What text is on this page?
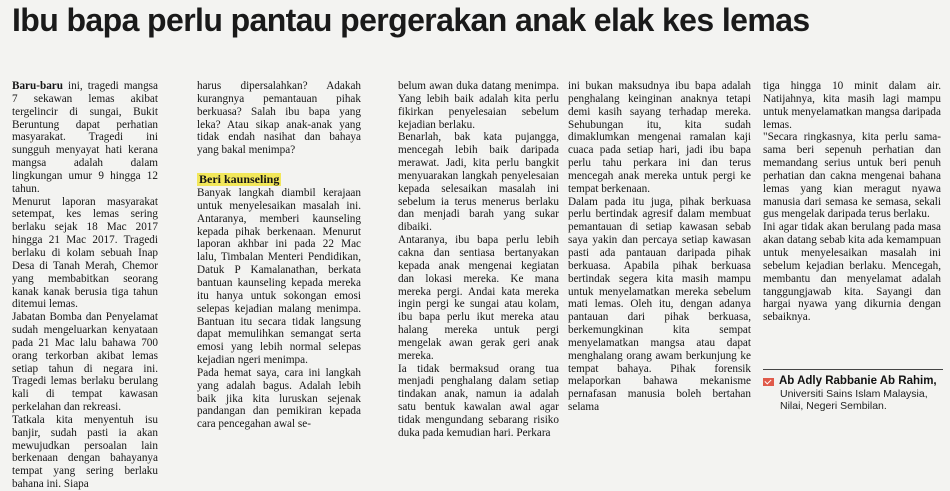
Ibu bapa perlu pantau pergerakan anak elak kes lemas

Baru-baru ini, tragedi mangsa 7 sekawan lemas akibat tergelincir di sungai, Bukit Beruntung dapat perhatian masyarakat. Tragedi ini sungguh menyayat hati kerana mangsa adalah dalam lingkungan umur 9 hingga 12 tahun.

Menurut laporan masyarakat setempat, kes lemas sering berlaku sejak 18 Mac 2017 hingga 21 Mac 2017. Tragedi berlaku di kolam sebuah Inap Desa di Tanah Merah, Chemor yang membabitkan seorang kanak kanak berusia tiga tahun ditemui lemas.

Jabatan Bomba dan Penyelamat sudah mengeluarkan kenyataan pada 21 Mac lalu bahawa 700 orang terkorban akibat lemas setiap tahun di negara ini. Tragedi lemas berlaku berulang kali di tempat kawasan perkelahan dan rekreasi.

Tatkala kita menyentuh isu banjir, sudah pasti ia akan mewujudkan persoalan lain berkenaan dengan bahayanya tempat yang sering berlaku bahana ini. Siapa

harus dipersalahkan? Adakah kurangnya pemantauan pihak berkuasa? Salah ibu bapa yang leka? Atau sikap anak-anak yang tidak endah nasihat dan bahaya yang bakal menimpa?

Beri kaunseling

Banyak langkah diambil kerajaan untuk menyelesaikan masalah ini. Antaranya, memberi kaunseling kepada pihak berkenaan. Menurut laporan akhbar ini pada 22 Mac lalu, Timbalan Menteri Pendidikan, Datuk P Kamalanathan, berkata bantuan kaunseling kepada mereka itu hanya untuk sokongan emosi selepas kejadian malang menimpa. Bantuan itu secara tidak langsung dapat memulihkan semangat serta emosi yang lebih normal selepas kejadian ngeri menimpa.

Pada hemat saya, cara ini langkah yang adalah bagus. Adalah lebih baik jika kita luruskan sejenak pandangan dan pemikiran kepada cara pencegahan awal se-

belum awan duka datang menimpa. Yang lebih baik adalah kita perlu fikirkan penyelesaian sebelum kejadian berlaku.

Benarlah, bak kata pujangga, mencegah lebih baik daripada merawat. Jadi, kita perlu bangkit menyuarakan langkah penyelesaian kepada selesaikan masalah ini sebelum ia terus menerus berlaku dan menjadi barah yang sukar dibaiki.

Antaranya, ibu bapa perlu lebih cakna dan sentiasa bertanyakan kepada anak mengenai kegiatan dan lokasi mereka. Ke mana mereka pergi. Andai kata mereka ingin pergi ke sungai atau kolam, ibu bapa perlu ikut mereka atau halang mereka untuk pergi mengelak awan gerak geri anak mereka.

Ia tidak bermaksud orang tua menjadi penghalang dalam setiap tindakan anak, namun ia adalah satu bentuk kawalan awal agar tidak mengundang sebarang risiko duka pada kemudian hari. Perkara

ini bukan maksudnya ibu bapa adalah penghalang keinginan anaknya tetapi demi kasih sayang terhadap mereka. Sehubungan itu, kita sudah dimaklumkan mengenai ramalan kaji cuaca pada setiap hari, jadi ibu bapa perlu tahu perkara ini dan terus mencegah anak mereka untuk pergi ke tempat berkenaan.

Dalam pada itu juga, pihak berkuasa perlu bertindak agresif dalam membuat pemantauan di setiap kawasan sebab saya yakin dan percaya setiap kawasan pasti ada pantauan daripada pihak berkuasa. Apabila pihak berkuasa bertindak segera kita masih mampu untuk menyelamatkan mereka sebelum mati lemas. Oleh itu, dengan adanya pantauan dari pihak berkuasa, berkemungkinan kita sempat menyelamatkan mangsa atau dapat menghalang orang awam berkunjung ke tempat bahaya. Pihak forensik melaporkan bahawa mekanisme pernafasan manusia boleh bertahan selama

tiga hingga 10 minit dalam air. Natijahnya, kita masih lagi mampu untuk menyelamatkan mangsa daripada lemas.

"Secara ringkasnya, kita perlu sama-sama beri sepenuh perhatian dan memandang serius untuk beri penuh perhatian dan cakna mengenai bahana lemas yang kian meragut nyawa manusia dari semasa ke semasa, sekali gus mengelak daripada terus berlaku.

Ini agar tidak akan berulang pada masa akan datang sebab kita ada kemampuan untuk menyelesaikan masalah ini sebelum kejadian berlaku. Mencegah, membantu dan menyelamat adalah tanggungjawab kita. Sayangi dan hargai nyawa yang dikurnia dengan sebaiknya.

Ab Adly Rabbanie Ab Rahim,
Universiti Sains Islam Malaysia, Nilai, Negeri Sembilan.
